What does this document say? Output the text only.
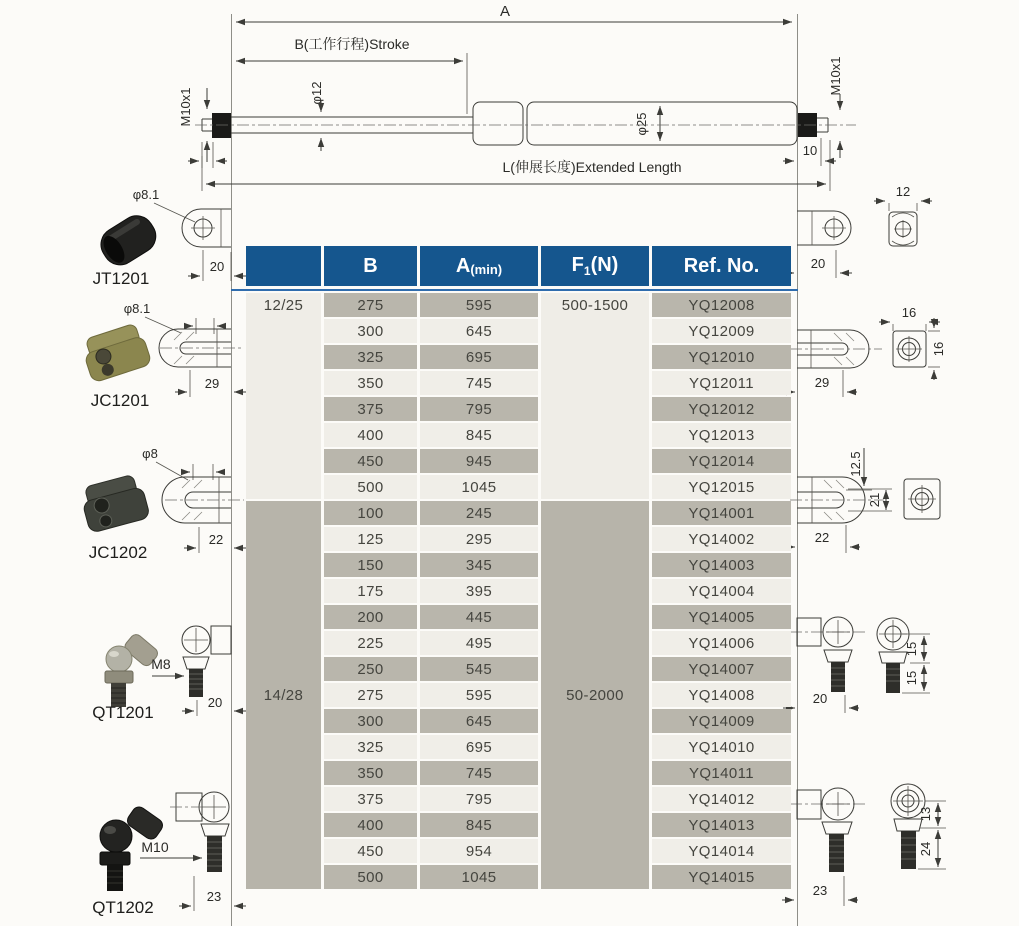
A
B(工作行程)Stroke
M10x1	φ12
φ25
M10x1
10
L(伸展长度)Extended Length
φ8.1
20
JT1201
φ8.1
29
JC1201
φ8
22
JC1202
M8
20
QT1201
M10
23
QT1202
20
12
29
16
16
12.5
21
22
20
15
15
23
13
24
	B	A(min)	$F_1(N)$	Ref. No.
12/25	275	595	500-1500	YQ12008
	300	645		YQ12009
	325	695		YQ12010
	350	745		YQ12011
	375	795		YQ12012
	400	845		YQ12013
	450	945		YQ12014
	500	1045		YQ12015
14/28	100	245	50-2000	YQ14001
	125	295		YQ14002
	150	345		YQ14003
	175	395		YQ14004
	200	445		YQ14005
	225	495		YQ14006
	250	545		YQ14007
	275	595		YQ14008
	300	645		YQ14009
	325	695		YQ14010
	350	745		YQ14011
	375	795		YQ14012
	400	845		YQ14013
	450	954		YQ14014
	500	1045		YQ14015
